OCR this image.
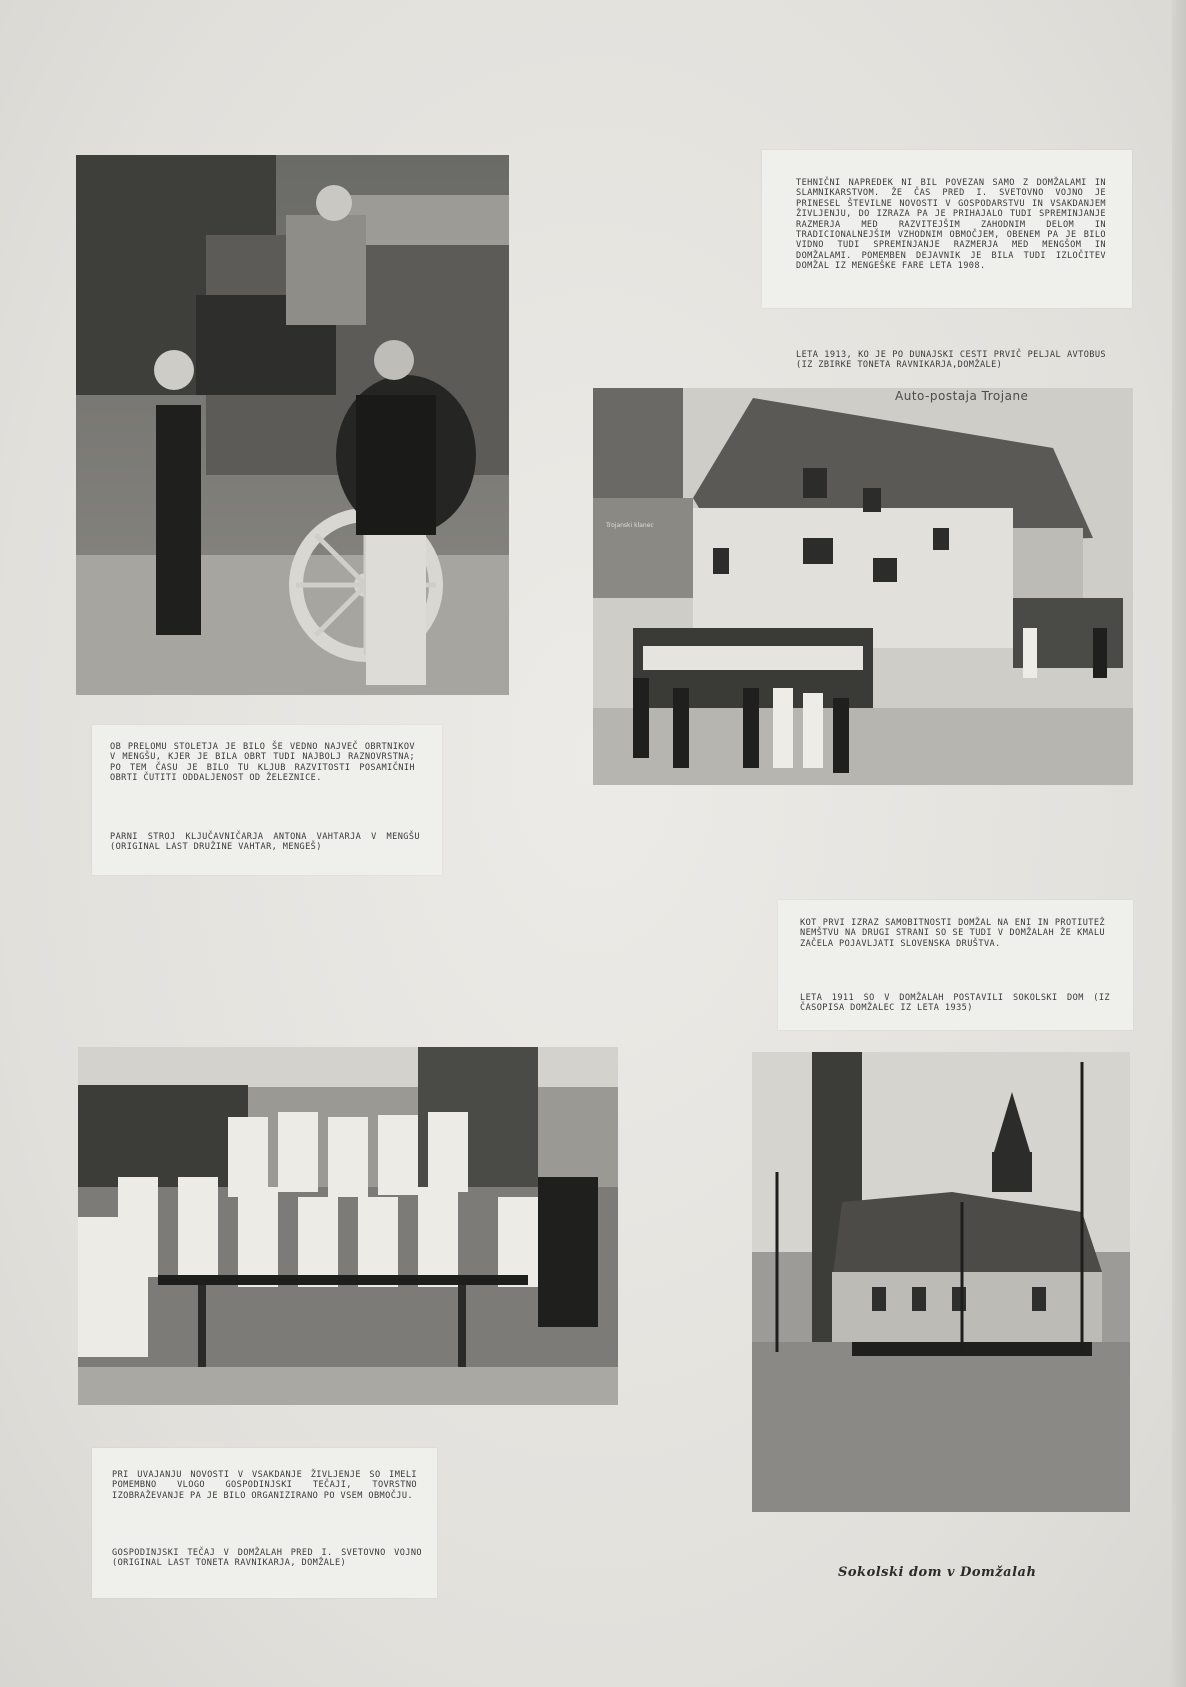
Auto-postaja Trojane
Trojanski klanec
Sokolski dom v Domžalah

TEHNIČNI NAPREDEK NI BIL POVEZAN SAMO Z DOMŽALAMI IN SLAMNIKARSTVOM. ŽE ČAS PRED I. SVETOVNO VOJNO JE PRINESEL ŠTEVILNE NOVOSTI V GOSPODARSTVU IN VSAKDANJEM ŽIVLJENJU, DO IZRAZA PA JE PRIHAJALO TUDI SPREMINJANJE RAZMERJA MED RAZVITEJŠIM ZAHODNIM DELOM IN TRADICIONALNEJŠIM VZHODNIM OBMOČJEM, OBENEM PA JE BILO VIDNO TUDI SPREMINJANJE RAZMERJA MED MENGŠOM IN DOMŽALAMI. POMEMBEN DEJAVNIK JE BILA TUDI IZLOČITEV DOMŽAL IZ MENGEŠKE FARE LETA 1908.

LETA 1913, KO JE PO DUNAJSKI CESTI PRVIČ PELJAL AVTOBUS (IZ ZBIRKE TONETA RAVNIKARJA,DOMŽALE)

OB PRELOMU STOLETJA JE BILO ŠE VEDNO NAJVEČ OBRTNIKOV V MENGŠU, KJER JE BILA OBRT TUDI NAJBOLJ RAZNOVRSTNA; PO TEM ČASU JE BILO TU KLJUB RAZVITOSTI POSAMIČNIH OBRTI ČUTITI ODDALJENOST OD ŽELEZNICE.

PARNI STROJ KLJUČAVNIČARJA ANTONA VAHTARJA V MENGŠU (ORIGINAL LAST DRUŽINE VAHTAR, MENGEŠ)

KOT PRVI IZRAZ SAMOBITNOSTI DOMŽAL NA ENI IN PROTIUTEŽ NEMŠTVU NA DRUGI STRANI SO SE TUDI V DOMŽALAH ŽE KMALU ZAČELA POJAVLJATI SLOVENSKA DRUŠTVA.

LETA 1911 SO V DOMŽALAH POSTAVILI SOKOLSKI DOM (IZ ČASOPISA DOMŽALEC IZ LETA 1935)

PRI UVAJANJU NOVOSTI V VSAKDANJE ŽIVLJENJE SO IMELI POMEMBNO VLOGO GOSPODINJSKI TEČAJI, TOVRSTNO IZOBRAŽEVANJE PA JE BILO ORGANIZIRANO PO VSEM OBMOČJU.

GOSPODINJSKI TEČAJ V DOMŽALAH PRED I. SVETOVNO VOJNO (ORIGINAL LAST TONETA RAVNIKARJA, DOMŽALE)
